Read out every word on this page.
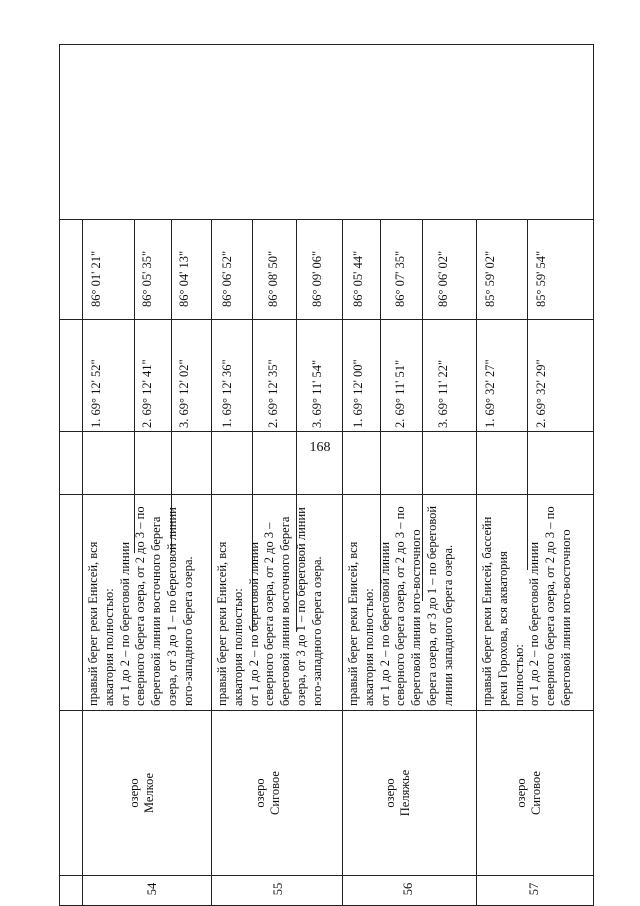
168
54
озеро Мелкое
правый берег реки Енисей, вся акватория полностью: от 1 до 2 – по береговой линии северного берега озера, от 2 до 3 – по береговой линии восточного берега озера, от 3 до 1 – по береговой линии юго-западного берега озера.
1. 69° 12' 52"
86° 01' 21"
2. 69° 12' 41"
86° 05' 35"
3. 69° 12' 02"
86° 04' 13"
55
озеро Сиговое
правый берег реки Енисей, вся акватория полностью: от 1 до 2 – по береговой линии северного берега озера, от 2 до 3 – береговой линии восточного берега озера, от 3 до 1 – по береговой линии юго-западного берега озера.
1. 69° 12' 36"
86° 06' 52"
2. 69° 12' 35"
86° 08' 50"
3. 69° 11' 54"
86° 09' 06"
56
озеро Пеляжье
правый берег реки Енисей, вся акватория полностью: от 1 до 2 – по береговой линии северного берега озера, от 2 до 3 – по береговой линии юго-восточного берега озера, от 3 до 1 – по береговой линии западного берега озера.
1. 69° 12' 00"
86° 05' 44"
2. 69° 11' 51"
86° 07' 35"
3. 69° 11' 22"
86° 06' 02"
57
озеро Сиговое
правый берег реки Енисей, бассейн реки Горохова, вся акватория полностью: от 1 до 2 – по береговой линии северного берега озера, от 2 до 3 – по береговой линии юго-восточного
1. 69° 32' 27"
85° 59' 02"
2. 69° 32' 29"
85° 59' 54"
